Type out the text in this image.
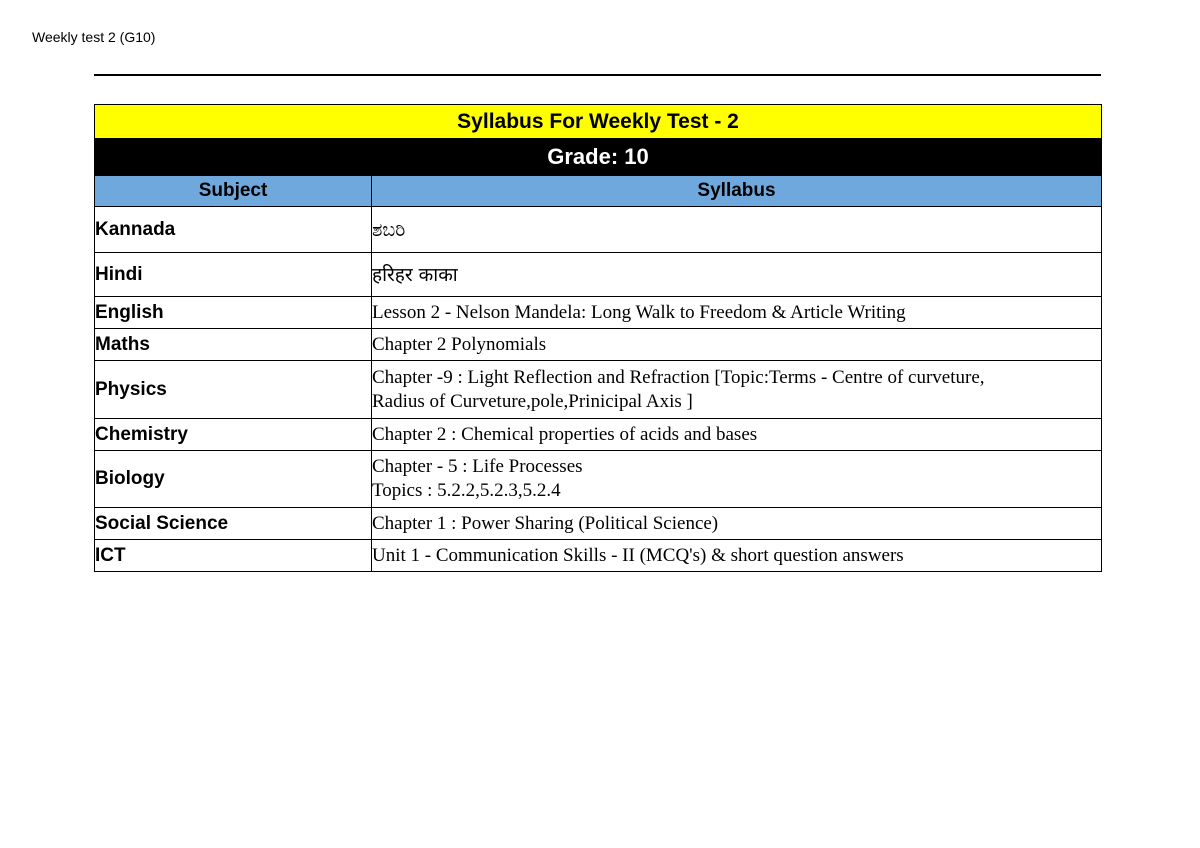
Weekly test 2 (G10)
Syllabus For Weekly Test - 2	
Grade: 10	
Subject	Syllabus
Kannada	ಶಬರಿ

Hindi	हरिहर काका

English	Lesson 2 - Nelson Mandela: Long Walk to Freedom & Article Writing

Maths	Chapter 2 Polynomials

Physics	Chapter -9 : Light Reflection and Refraction [Topic:Terms - Centre of curveture,
Radius of Curveture,pole,Prinicipal Axis ]

Chemistry	Chapter 2 : Chemical properties of acids and bases

Biology	Chapter - 5 : Life Processes
Topics : 5.2.2,5.2.3,5.2.4

Social Science	Chapter 1 : Power Sharing (Political Science)

ICT	Unit 1 - Communication Skills - II (MCQ's) & short question answers
